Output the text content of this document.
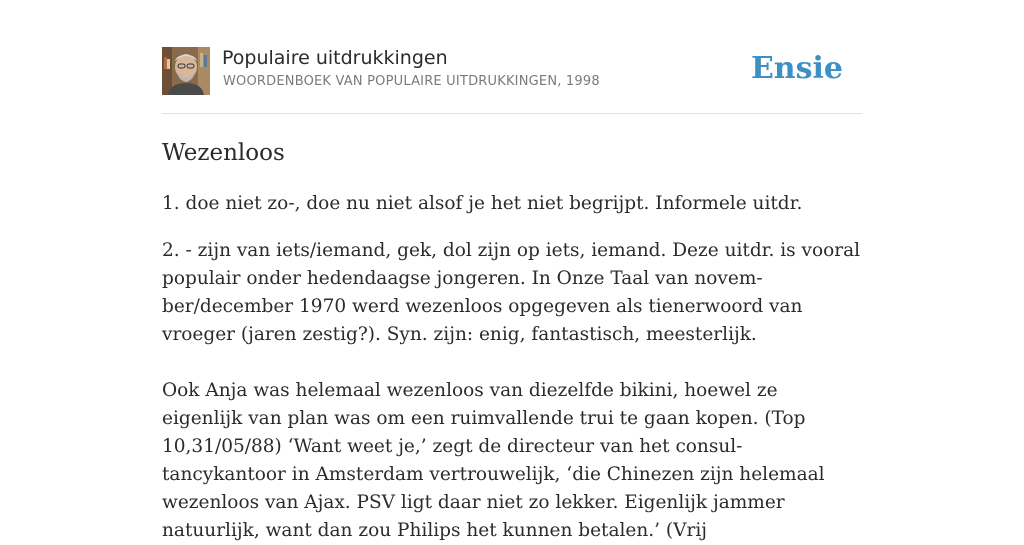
Populaire uitdrukkingen
WOORDENBOEK VAN POPULAIRE UITDRUKKINGEN, 1998	Ensie
Wezenloos

1. doe niet zo-, doe nu niet alsof je het niet begrijpt. Informele uitdr.

2. - zijn van iets/iemand, gek, dol zijn op iets, iemand. Deze uitdr. is vooral populair onder hedendaagse jongeren. In Onze Taal van novem- ber/december 1970 werd wezenloos opgegeven als tienerwoord van vroeger (jaren zestig?). Syn. zijn: enig, fantastisch, meesterlijk.

Ook Anja was helemaal wezenloos van diezelfde bikini, hoewel ze eigenlijk van plan was om een ruimvallende trui te gaan kopen. (Top 10,31/05/88) ‘Want weet je,’ zegt de directeur van het consul- tancykantoor in Amsterdam vertrouwelijk, ‘die Chinezen zijn helemaal wezenloos van Ajax. PSV ligt daar niet zo lekker. Eigenlijk jammer natuurlijk, want dan zou Philips het kunnen betalen.’ (Vrij
